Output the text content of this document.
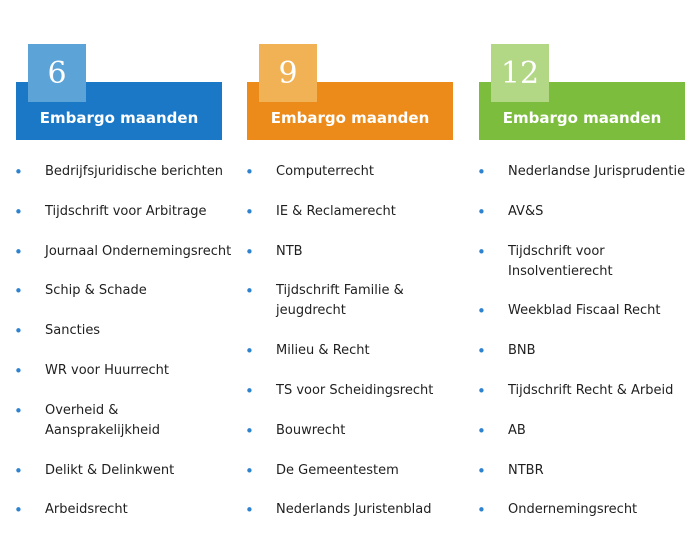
6
Embargo maanden
• Bedrijfsjuridische berichten
• Tijdschrift voor Arbitrage
• Journaal Ondernemingsrecht
• Schip & Schade
• Sancties
• WR voor Huurrecht
• Overheid & Aansprakelijkheid
• Delikt & Delinkwent
• Arbeidsrecht
9
Embargo maanden
• Computerrecht
• IE & Reclamerecht
• NTB
• Tijdschrift Familie & jeugdrecht
• Milieu & Recht
• TS voor Scheidingsrecht
• Bouwrecht
• De Gemeentestem
• Nederlands Juristenblad
12
Embargo maanden
• Nederlandse Jurisprudentie
• AV&S
• Tijdschrift voor Insolventierecht
• Weekblad Fiscaal Recht
• BNB
• Tijdschrift Recht & Arbeid
• AB
• NTBR
• Ondernemingsrecht
